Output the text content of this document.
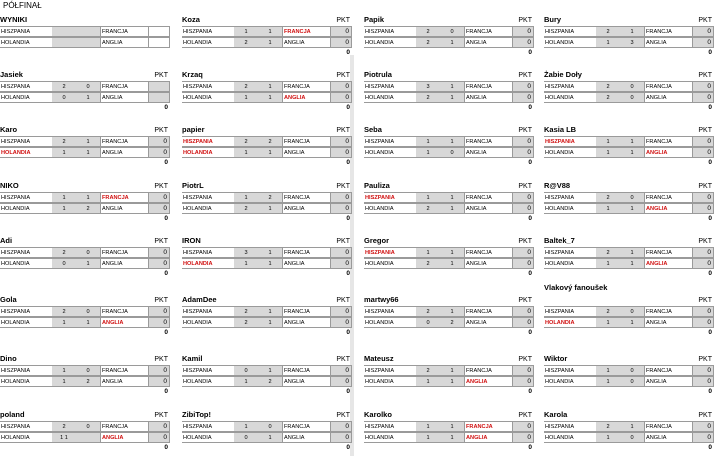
PÓŁFINAŁ
WYNIKI
HISZPANIA	FRANCJA
HOLANDIA	ANGLIA
Koza	PKT
HISZPANIA	1	1	FRANCJA	0
HOLANDIA	2	1	ANGLIA	0
0
Papik	PKT
HISZPANIA	2	0	FRANCJA	0
HOLANDIA	2	1	ANGLIA	0
0
Bury	PKT
HISZPANIA	2	1	FRANCJA	0
HOLANDIA	1	3	ANGLIA	0
0
Jasiek	PKT
HISZPANIA	2	0	FRANCJA
HOLANDIA	0	1	ANGLIA
0
Krzaq	PKT
HISZPANIA	2	1	FRANCJA	0
HOLANDIA	1	1	ANGLIA	0
0
Piotrula	PKT
HISZPANIA	3	1	FRANCJA	0
HOLANDIA	2	1	ANGLIA	0
0
Żabie Doły	PKT
HISZPANIA	2	0	FRANCJA	0
HOLANDIA	2	0	ANGLIA	0
0
Karo	PKT
HISZPANIA	2	1	FRANCJA	0
HOLANDIA	1	1	ANGLIA	0
0
papier	PKT
HISZPANIA	2	2	FRANCJA	0
HOLANDIA	1	1	ANGLIA	0
0
Seba	PKT
HISZPANIA	1	1	FRANCJA	0
HOLANDIA	1	0	ANGLIA	0
0
Kasia LB	PKT
HISZPANIA	1	1	FRANCJA	0
HOLANDIA	1	1	ANGLIA	0
0
NIKO	PKT
HISZPANIA	1	1	FRANCJA	0
HOLANDIA	1	2	ANGLIA	0
0
PiotrL	PKT
HISZPANIA	1	2	FRANCJA	0
HOLANDIA	2	1	ANGLIA	0
0
Pauliza	PKT
HISZPANIA	1	1	FRANCJA	0
HOLANDIA	2	1	ANGLIA	0
0
R@V88	PKT
HISZPANIA	2	0	FRANCJA	0
HOLANDIA	1	1	ANGLIA	0
0
Adi	PKT
HISZPANIA	2	0	FRANCJA	0
HOLANDIA	0	1	ANGLIA	0
0
IRON	PKT
HISZPANIA	3	1	FRANCJA	0
HOLANDIA	1	1	ANGLIA	0
0
Gregor	PKT
HISZPANIA	1	1	FRANCJA	0
HOLANDIA	2	1	ANGLIA	0
0
Baltek_7	PKT
HISZPANIA	2	1	FRANCJA	0
HOLANDIA	1	1	ANGLIA	0
0
Gola	PKT
HISZPANIA	2	0	FRANCJA	0
HOLANDIA	1	1	ANGLIA	0
0
AdamDee	PKT
HISZPANIA	2	1	FRANCJA	0
HOLANDIA	2	1	ANGLIA	0
0
martwy66	PKT
HISZPANIA	2	1	FRANCJA	0
HOLANDIA	0	2	ANGLIA	0
0
Vlakový fanoušek
PKT
HISZPANIA	2	0	FRANCJA	0
HOLANDIA	1	1	ANGLIA	0
0
Dino	PKT
HISZPANIA	1	0	FRANCJA	0
HOLANDIA	1	2	ANGLIA	0
0
Kamil	PKT
HISZPANIA	0	1	FRANCJA	0
HOLANDIA	1	2	ANGLIA	0
0
Mateusz	PKT
HISZPANIA	2	1	FRANCJA	0
HOLANDIA	1	1	ANGLIA	0
0
Wiktor	PKT
HISZPANIA	1	0	FRANCJA	0
HOLANDIA	1	0	ANGLIA	0
0
poland	PKT
HISZPANIA	2	0	FRANCJA	0
HOLANDIA	1 1	ANGLIA	0
0
ZibiTop!	PKT
HISZPANIA	1	0	FRANCJA	0
HOLANDIA	0	1	ANGLIA	0
0
Karolko	PKT
HISZPANIA	1	1	FRANCJA	0
HOLANDIA	1	1	ANGLIA	0
0
Karola	PKT
HISZPANIA	2	1	FRANCJA	0
HOLANDIA	1	0	ANGLIA	0
0
